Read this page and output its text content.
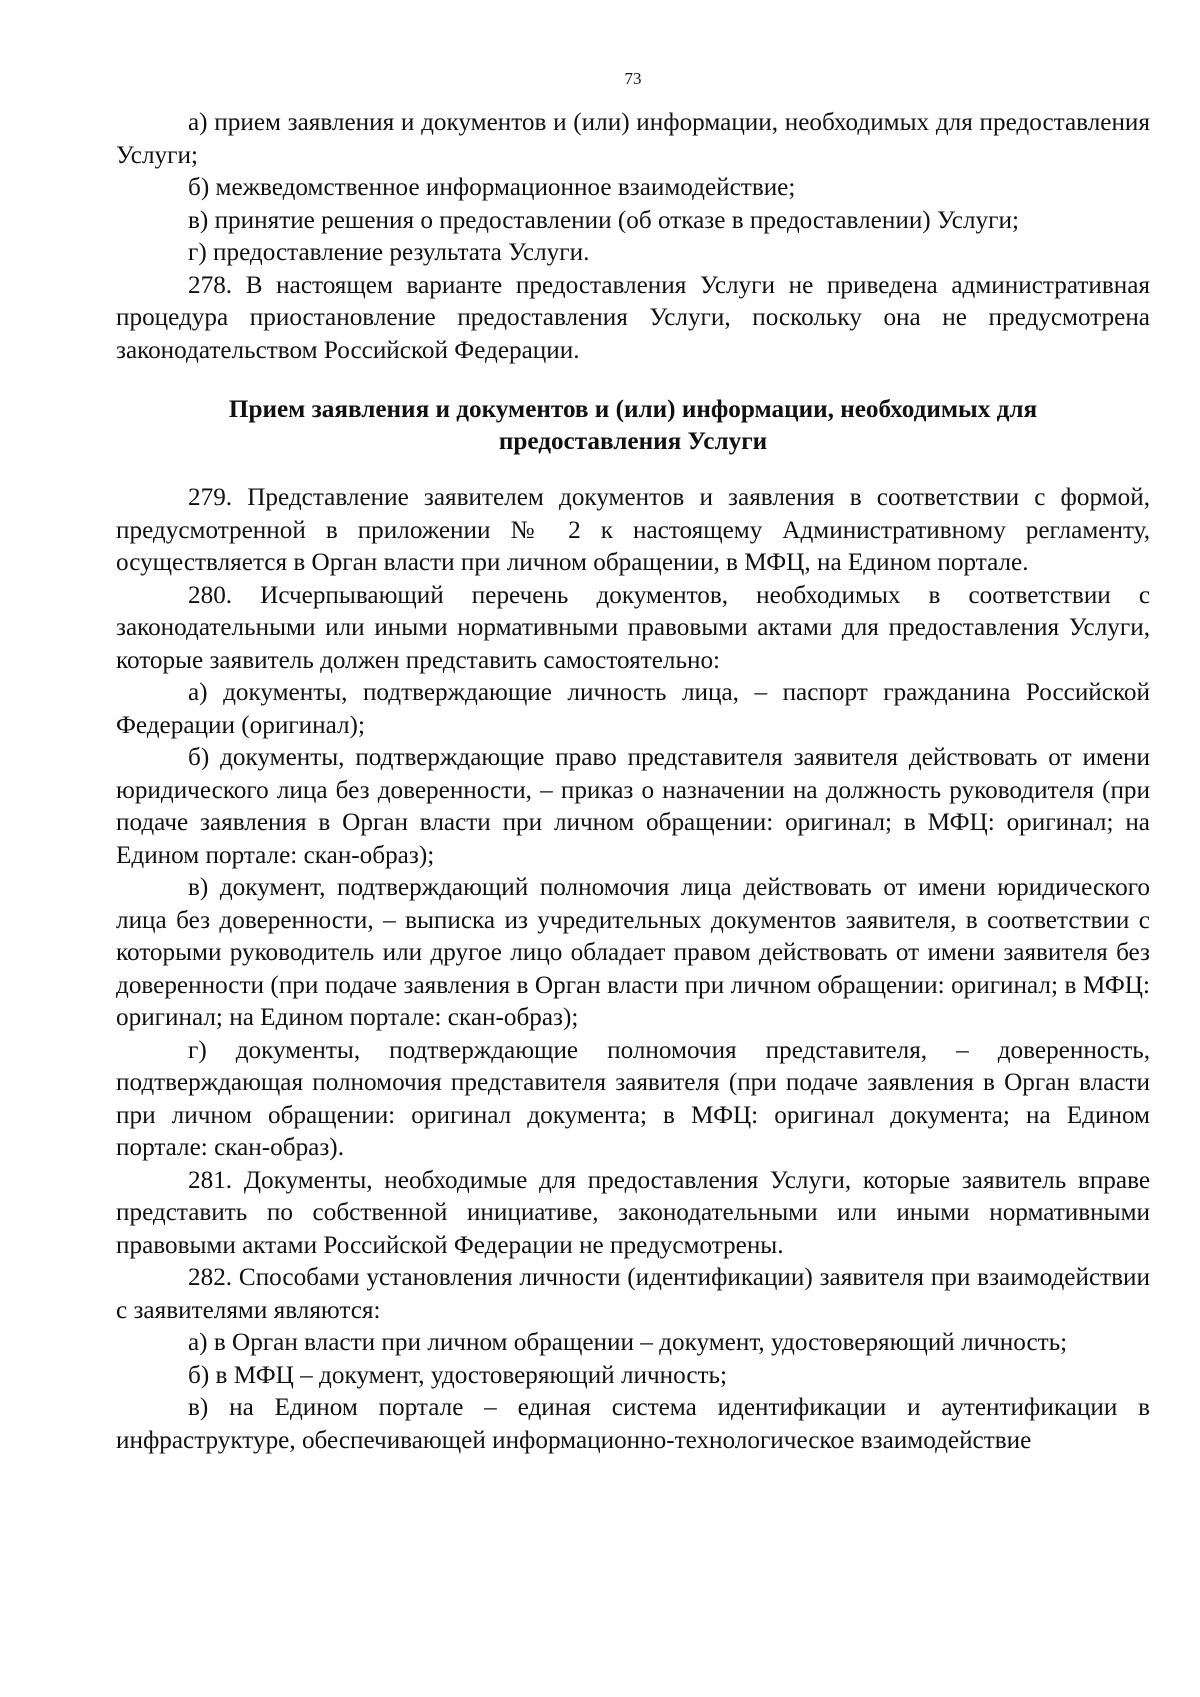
73

а) прием заявления и документов и (или) информации, необходимых для предоставления Услуги;

б) межведомственное информационное взаимодействие;

в) принятие решения о предоставлении (об отказе в предоставлении) Услуги;

г) предоставление результата Услуги.

278. В настоящем варианте предоставления Услуги не приведена административная процедура приостановление предоставления Услуги, поскольку она не предусмотрена законодательством Российской Федерации.

Прием заявления и документов и (или) информации, необходимых для
предоставления Услуги

279. Представление заявителем документов и заявления в соответствии с формой, предусмотренной в приложении № 2 к настоящему Административному регламенту, осуществляется в Орган власти при личном обращении, в МФЦ, на Едином портале.

280. Исчерпывающий перечень документов, необходимых в соответствии с законодательными или иными нормативными правовыми актами для предоставления Услуги, которые заявитель должен представить самостоятельно:

а) документы, подтверждающие личность лица, – паспорт гражданина Российской Федерации (оригинал);

б) документы, подтверждающие право представителя заявителя действовать от имени юридического лица без доверенности, – приказ о назначении на должность руководителя (при подаче заявления в Орган власти при личном обращении: оригинал; в МФЦ: оригинал; на Едином портале: скан-образ);

в) документ, подтверждающий полномочия лица действовать от имени юридического лица без доверенности, – выписка из учредительных документов заявителя, в соответствии с которыми руководитель или другое лицо обладает правом действовать от имени заявителя без доверенности (при подаче заявления в Орган власти при личном обращении: оригинал; в МФЦ: оригинал; на Едином портале: скан-образ);

г) документы, подтверждающие полномочия представителя, – доверенность, подтверждающая полномочия представителя заявителя (при подаче заявления в Орган власти при личном обращении: оригинал документа; в МФЦ: оригинал документа; на Едином портале: скан-образ).

281. Документы, необходимые для предоставления Услуги, которые заявитель вправе представить по собственной инициативе, законодательными или иными нормативными правовыми актами Российской Федерации не предусмотрены.

282. Способами установления личности (идентификации) заявителя при взаимодействии с заявителями являются:

а) в Орган власти при личном обращении – документ, удостоверяющий личность;

б) в МФЦ – документ, удостоверяющий личность;

в) на Едином портале – единая система идентификации и аутентификации в инфраструктуре, обеспечивающей информационно-технологическое взаимодействие
